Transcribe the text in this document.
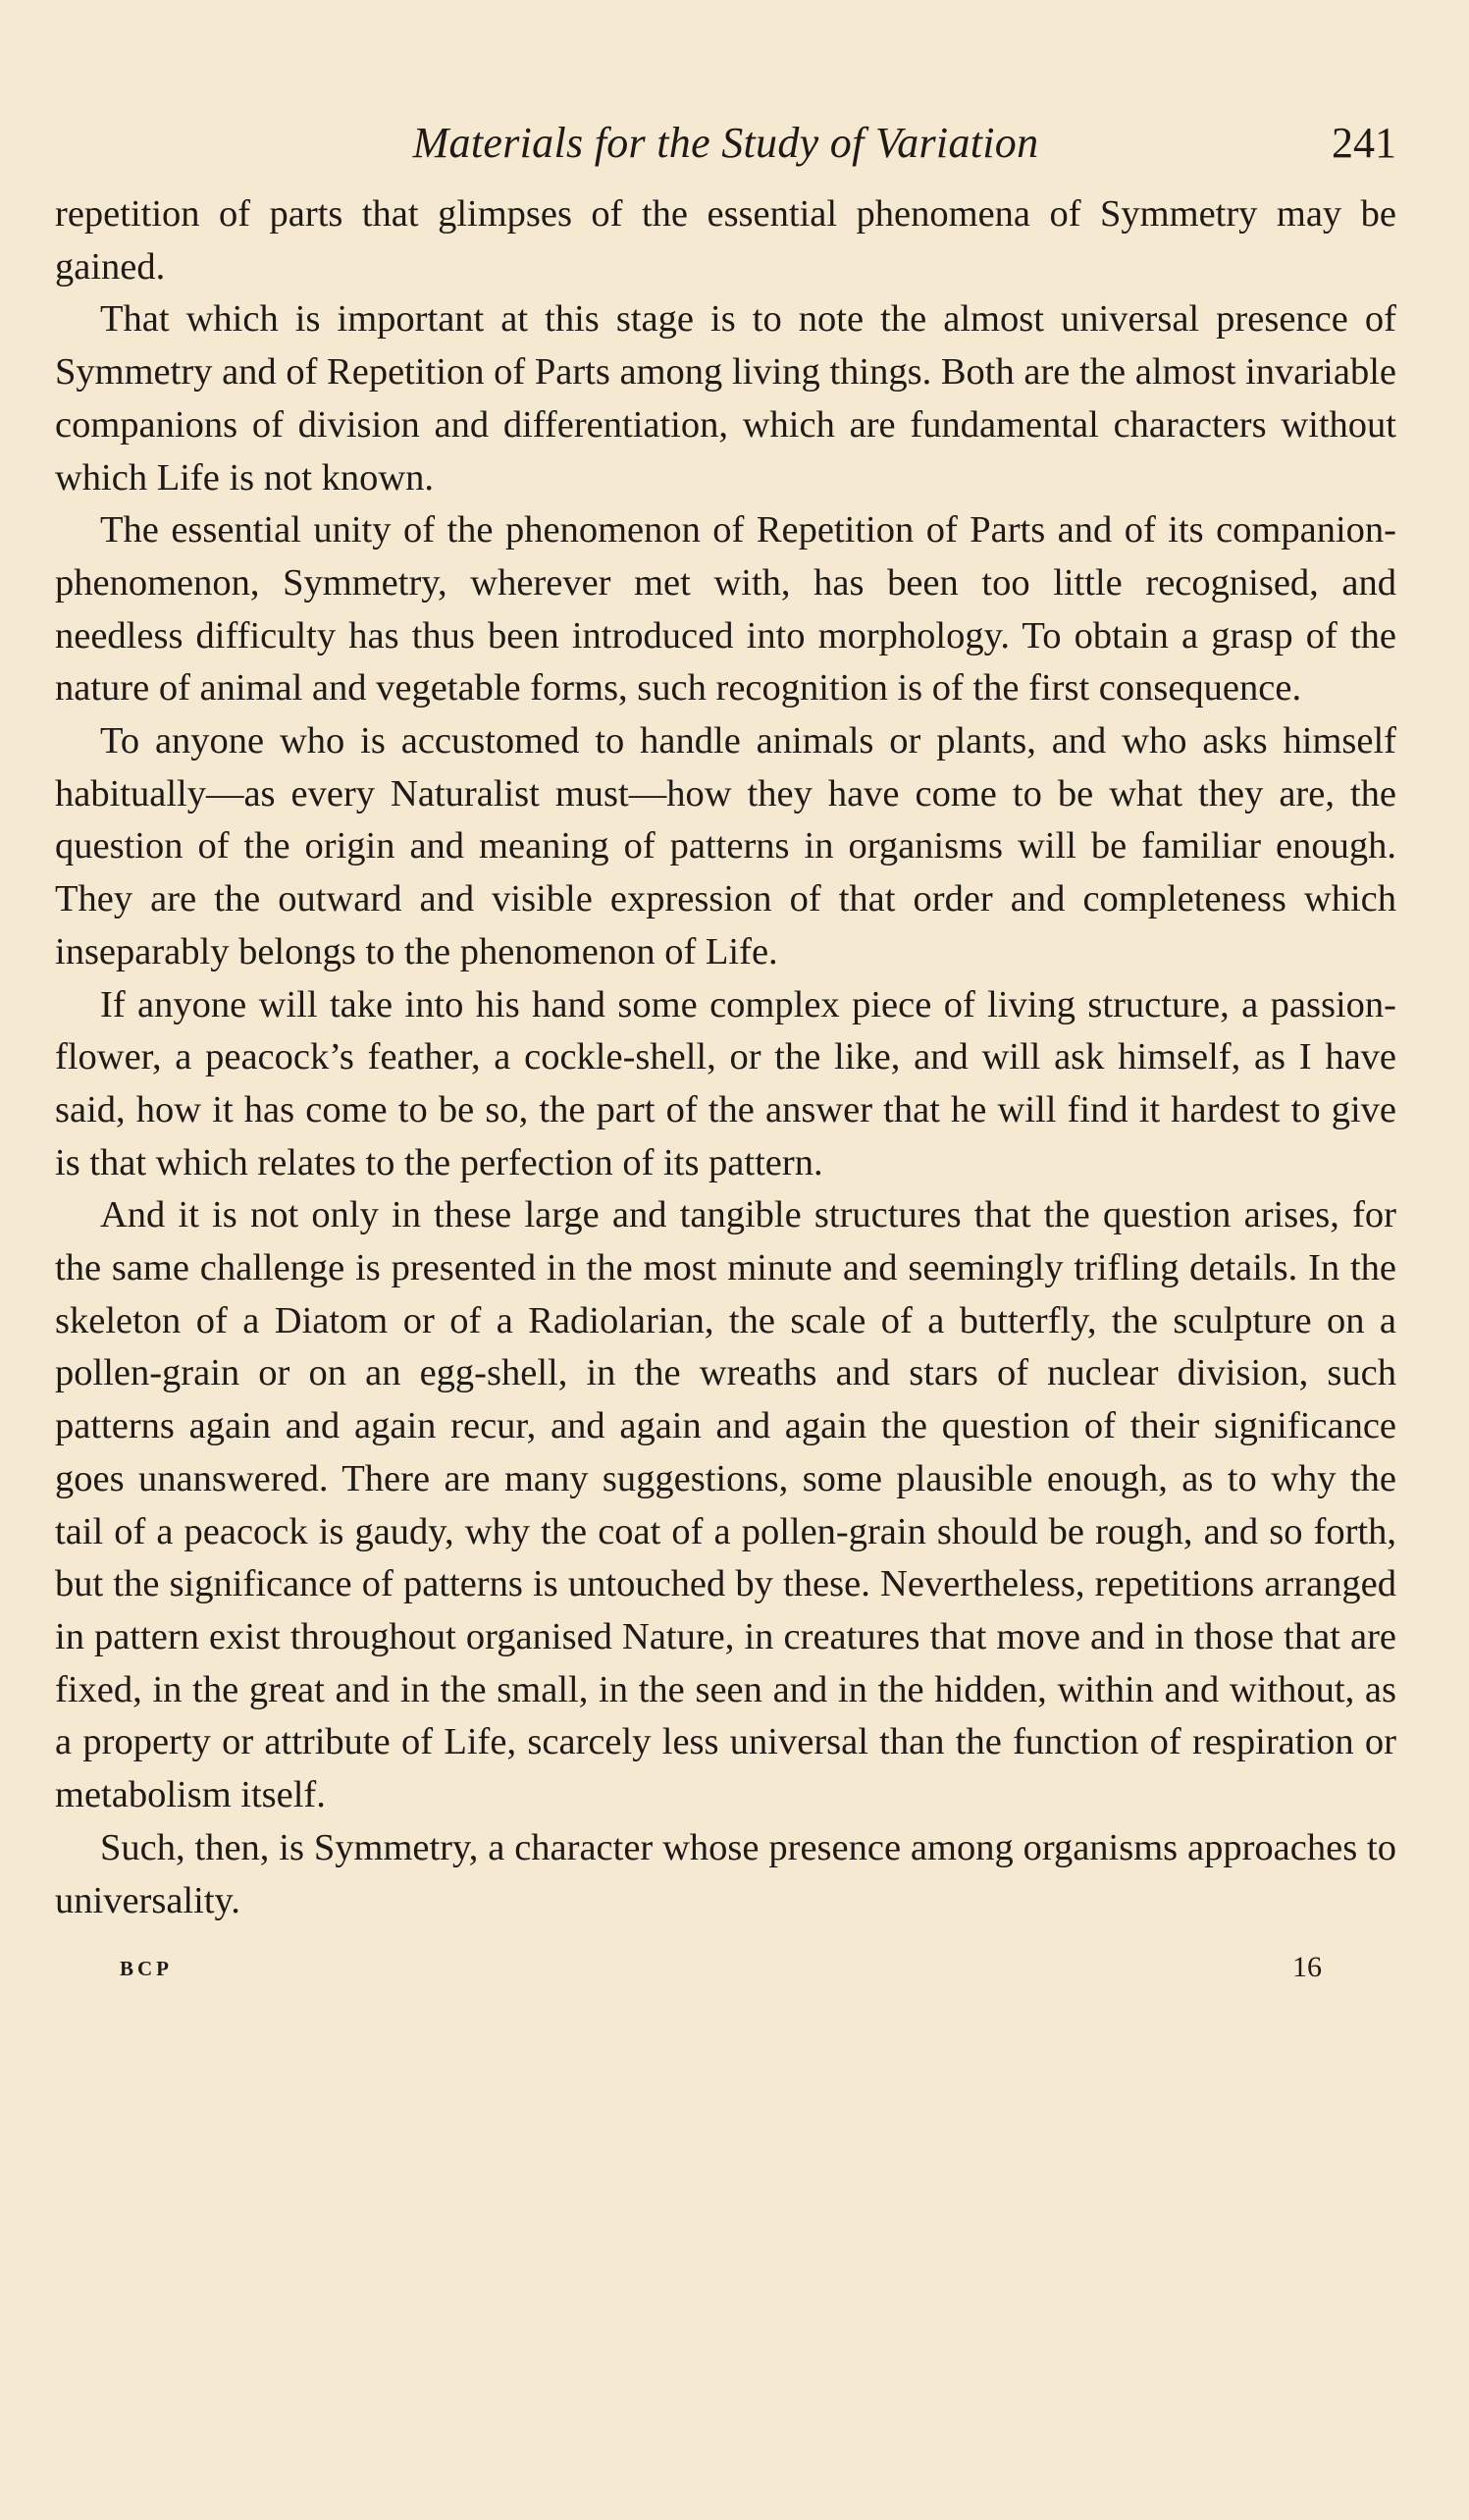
Materials for the Study of Variation	241

repetition of parts that glimpses of the essential phenomena of Symmetry may be gained.

That which is important at this stage is to note the almost universal presence of Symmetry and of Repetition of Parts among living things. Both are the almost invariable companions of division and differentiation, which are fundamental characters without which Life is not known.

The essential unity of the phenomenon of Repetition of Parts and of its companion-phenomenon, Symmetry, wherever met with, has been too little recognised, and needless difficulty has thus been introduced into morphology. To obtain a grasp of the nature of animal and vegetable forms, such recognition is of the first consequence.

To anyone who is accustomed to handle animals or plants, and who asks himself habitually—as every Naturalist must—how they have come to be what they are, the question of the origin and meaning of patterns in organisms will be familiar enough. They are the outward and visible expression of that order and completeness which inseparably belongs to the phenomenon of Life.

If anyone will take into his hand some complex piece of living structure, a passion-flower, a peacock’s feather, a cockle-shell, or the like, and will ask himself, as I have said, how it has come to be so, the part of the answer that he will find it hardest to give is that which relates to the perfection of its pattern.

And it is not only in these large and tangible structures that the question arises, for the same challenge is presented in the most minute and seemingly trifling details. In the skeleton of a Diatom or of a Radiolarian, the scale of a butterfly, the sculpture on a pollen-grain or on an egg-shell, in the wreaths and stars of nuclear division, such patterns again and again recur, and again and again the question of their significance goes unanswered. There are many suggestions, some plausible enough, as to why the tail of a peacock is gaudy, why the coat of a pollen-grain should be rough, and so forth, but the significance of patterns is untouched by these. Nevertheless, repetitions arranged in pattern exist throughout organised Nature, in creatures that move and in those that are fixed, in the great and in the small, in the seen and in the hidden, within and without, as a property or attribute of Life, scarcely less universal than the function of respiration or metabolism itself.

Such, then, is Symmetry, a character whose presence among organisms approaches to universality.

BCP	16
